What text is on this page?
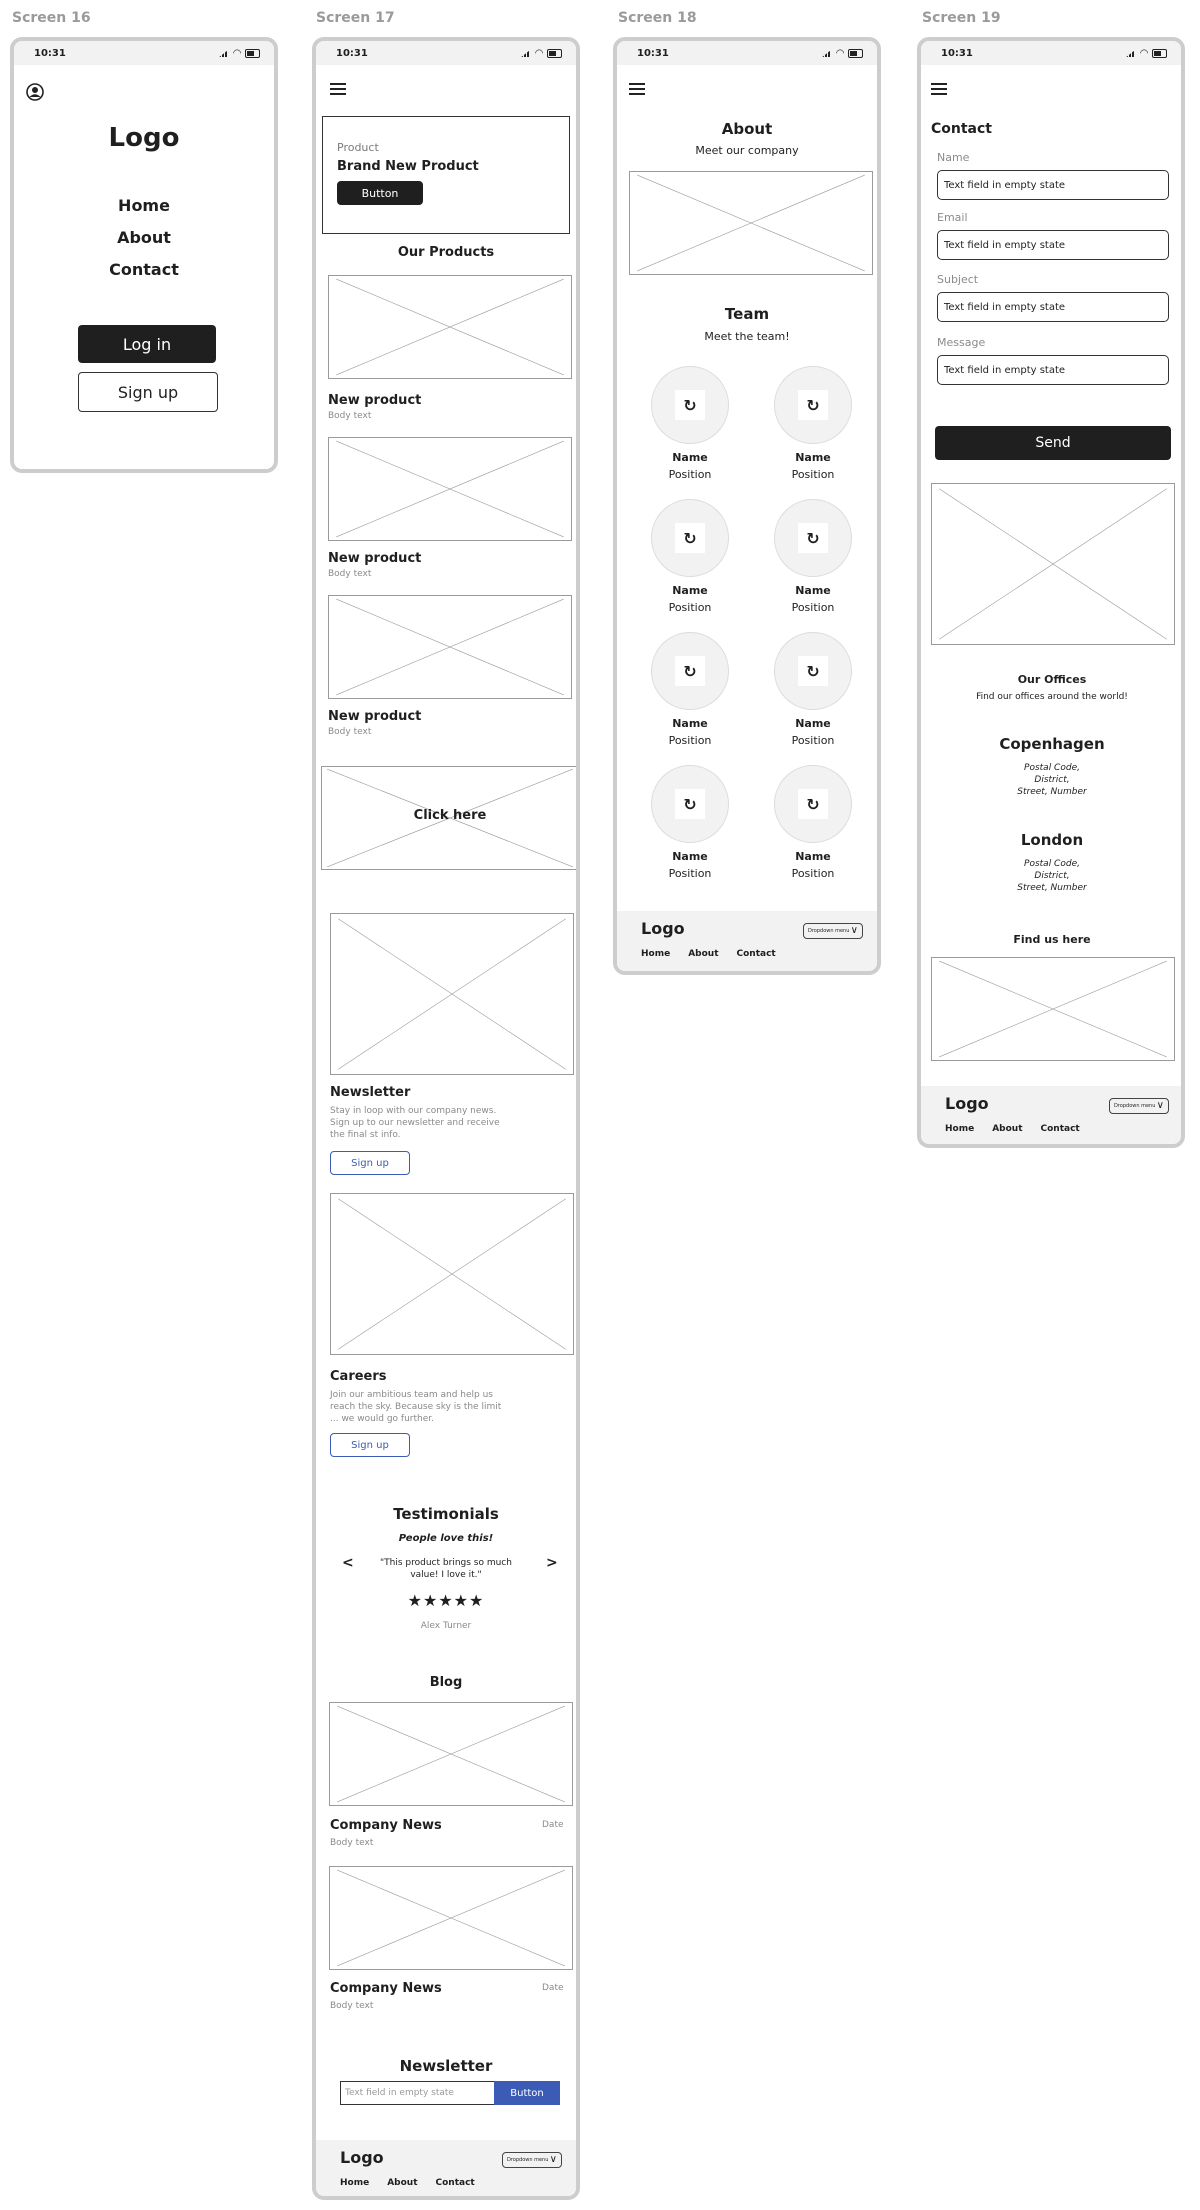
Screen 16	Screen 17	Screen 18	Screen 19
10:31	◠
Logo
Home
About
Contact
Log in
Sign up
10:31	◠
Product
Brand New Product
Button
Our Products
New product
Body text
New product
Body text
New product
Body text
Click here
Newsletter
Stay in loop with our company news. Sign up to our newsletter and receive the final st info.
Sign up
Careers
Join our ambitious team and help us reach the sky. Because sky is the limit ... we would go further.
Sign up
Testimonials
People love this!
<	"This product brings so much value! I love it."
>
★★★★★
Alex Turner
Blog
Company News	Date
Body text
Company News	Date
Body text
Newsletter
Text field in empty state	Button
Logo	Dropdown menu ∨
Home About Contact
10:31	◠
About
Meet our company
Team
Meet the team!
↻
Name
Position
↻
Name
Position
↻
Name
Position
↻
Name
Position
↻
Name
Position
↻
Name
Position
↻
Name
Position
↻
Name
Position
Logo	Dropdown menu ∨
Home About Contact
10:31	◠
Contact
Name
Text field in empty state
Email
Text field in empty state
Subject
Text field in empty state
Message
Text field in empty state
Send
Our Offices
Find our offices around the world!
Copenhagen
Postal Code,
District,
Street, Number
London
Postal Code,
District,
Street, Number
Find us here
Logo	Dropdown menu ∨
Home About Contact
